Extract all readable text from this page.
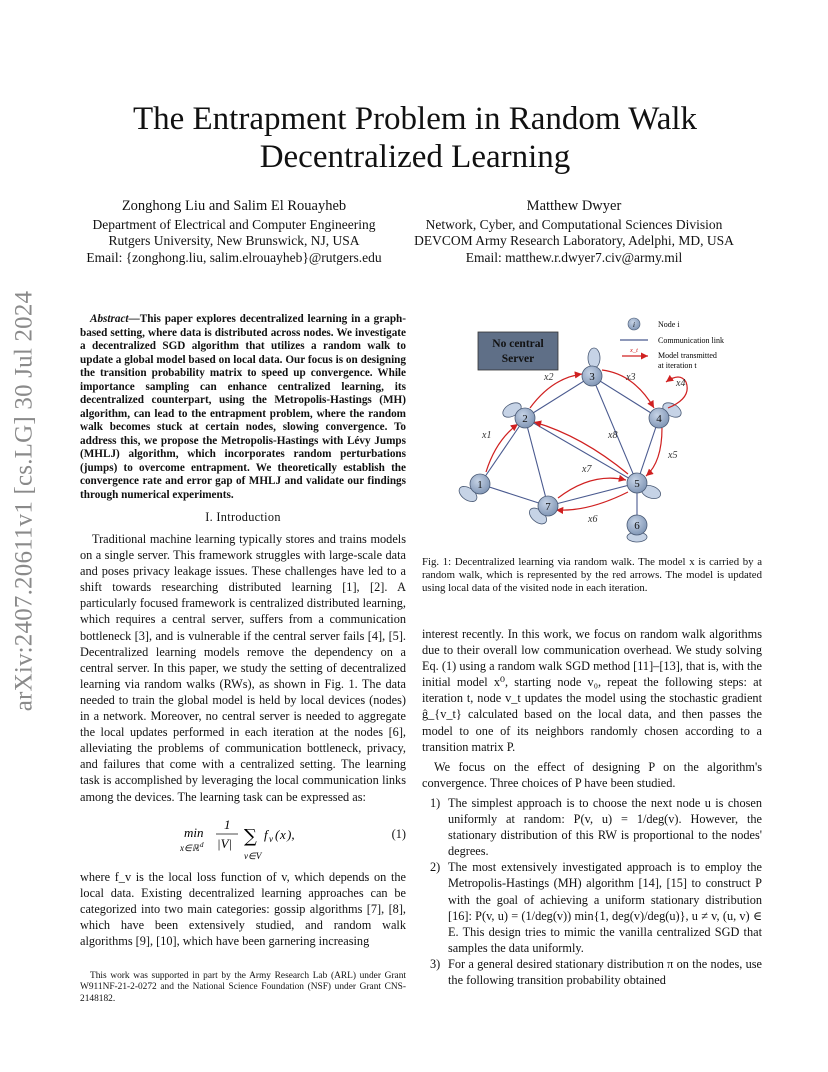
arXiv:2407.20611v1 [cs.LG] 30 Jul 2024
The Entrapment Problem in Random Walk
Decentralized Learning
Zonghong Liu and Salim El Rouayheb
Department of Electrical and Computer Engineering
Rutgers University, New Brunswick, NJ, USA
Email: {zonghong.liu, salim.elrouayheb}@rutgers.edu
Matthew Dwyer
Network, Cyber, and Computational Sciences Division
DEVCOM Army Research Laboratory, Adelphi, MD, USA
Email: matthew.r.dwyer7.civ@army.mil

Abstract—This paper explores decentralized learning in a graph-based setting, where data is distributed across nodes. We investigate a decentralized SGD algorithm that utilizes a random walk to update a global model based on local data. Our focus is on designing the transition probability matrix to speed up convergence. While importance sampling can enhance centralized learning, its decentralized counterpart, using the Metropolis-Hastings (MH) algorithm, can lead to the entrapment problem, where the random walk becomes stuck at certain nodes, slowing convergence. To address this, we propose the Metropolis-Hastings with Lévy Jumps (MHLJ) algorithm, which incorporates random perturbations (jumps) to overcome entrapment. We theoretically establish the convergence rate and error gap of MHLJ and validate our findings through numerical experiments.

I. Introduction

Traditional machine learning typically stores and trains models on a single server. This framework struggles with large-scale data and poses privacy leakage issues. These challenges have led to a shift towards researching distributed learning [1], [2]. A particularly focused framework is centralized distributed learning, which requires a central server, suffers from a communication bottleneck [3], and is vulnerable if the central server fails [4], [5]. Decentralized learning models remove the dependency on a central server. In this paper, we study the setting of decentralized learning via random walks (RWs), as shown in Fig. 1. The data needed to train the global model is held by local devices (nodes) in a network. Moreover, no central server is needed to aggregate the local updates performed in each iteration at the nodes [6], alleviating the problems of communication bottleneck, privacy, and failures that come with a centralized setting. The learning task is accomplished by leveraging the local communication links among the devices. The learning task can be expressed as:

min
x∈ℝ d
1
|V| ∑
v∈V
f v ( x ),	(1)

where f_v is the local loss function of v, which depends on the local data. Existing decentralized learning approaches can be categorized into two main categories: gossip algorithms [7], [8], which have been extensively studied, and random walk algorithms [9], [10], which have been garnering increasing

This work was supported in part by the Army Research Lab (ARL) under Grant W911NF-21-2-0272 and the National Science Foundation (NSF) under Grant CNS-2148182.

No central
Server
i	Node i
Communication link
x_t
Model transmitted
at iteration t
x1
x2	x3
x4
x5
x6
x7
x8
1
2
3
4
5
6
7

Fig. 1: Decentralized learning via random walk. The model x is carried by a random walk, which is represented by the red arrows. The model is updated using local data of the visited node in each iteration.

interest recently. In this work, we focus on random walk algorithms due to their overall low communication overhead. We study solving Eq. (1) using a random walk SGD method [11]–[13], that is, with the initial model x⁰, starting node v₀, repeat the following steps: at iteration t, node v_t updates the model using the stochastic gradient ĝ_{v_t} calculated based on the local data, and then passes the model to one of its neighbors randomly chosen according to a transition matrix P.

We focus on the effect of designing P on the algorithm's convergence. Three choices of P have been studied.

1) The simplest approach is to choose the next node u is chosen uniformly at random: P(v, u) = 1/deg(v). However, the stationary distribution of this RW is proportional to the nodes' degrees.
2) The most extensively investigated approach is to employ the Metropolis-Hastings (MH) algorithm [14], [15] to construct P with the goal of achieving a uniform stationary distribution [16]: P(v, u) = (1/deg(v)) min{1, deg(v)/deg(u)}, u ≠ v, (u, v) ∈ E. This design tries to mimic the vanilla centralized SGD that samples the data uniformly.
3) For a general desired stationary distribution π on the nodes, use the following transition probability obtained
